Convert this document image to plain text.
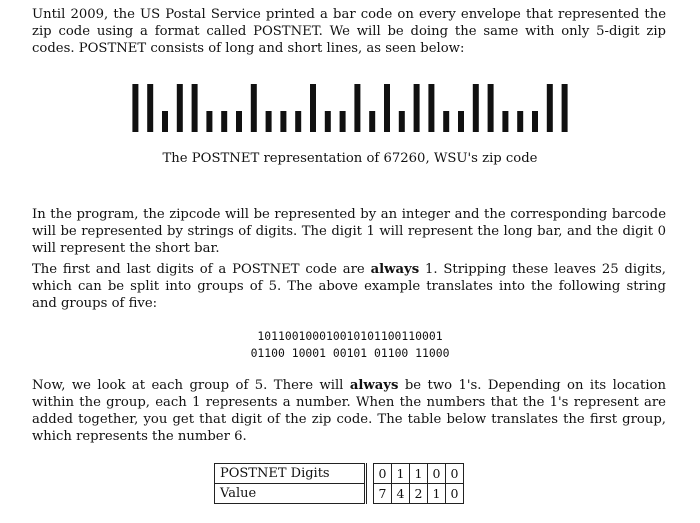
Until 2009, the US Postal Service printed a bar code on every envelope that represented the zip code using a format called POSTNET. We will be doing the same with only 5-digit zip codes. POSTNET consists of long and short lines, as seen below:

The POSTNET representation of 67260, WSU's zip code

In the program, the zipcode will be represented by an integer and the corresponding barcode will be represented by strings of digits. The digit 1 will represent the long bar, and the digit 0 will represent the short bar.

The first and last digits of a POSTNET code are always 1. Stripping these leaves 25 digits, which can be split into groups of 5. The above example translates into the following string and groups of five:

101100100010010101100110001
01100 10001 00101 01100 11000

Now, we look at each group of 5. There will always be two 1's. Depending on its location within the group, each 1 represents a number. When the numbers that the 1's represent are added together, you get that digit of the zip code. The table below translates the first group, which represents the number 6.

POSTNET Digits		0	1	1	0	0
Value		7	4	2	1	0
